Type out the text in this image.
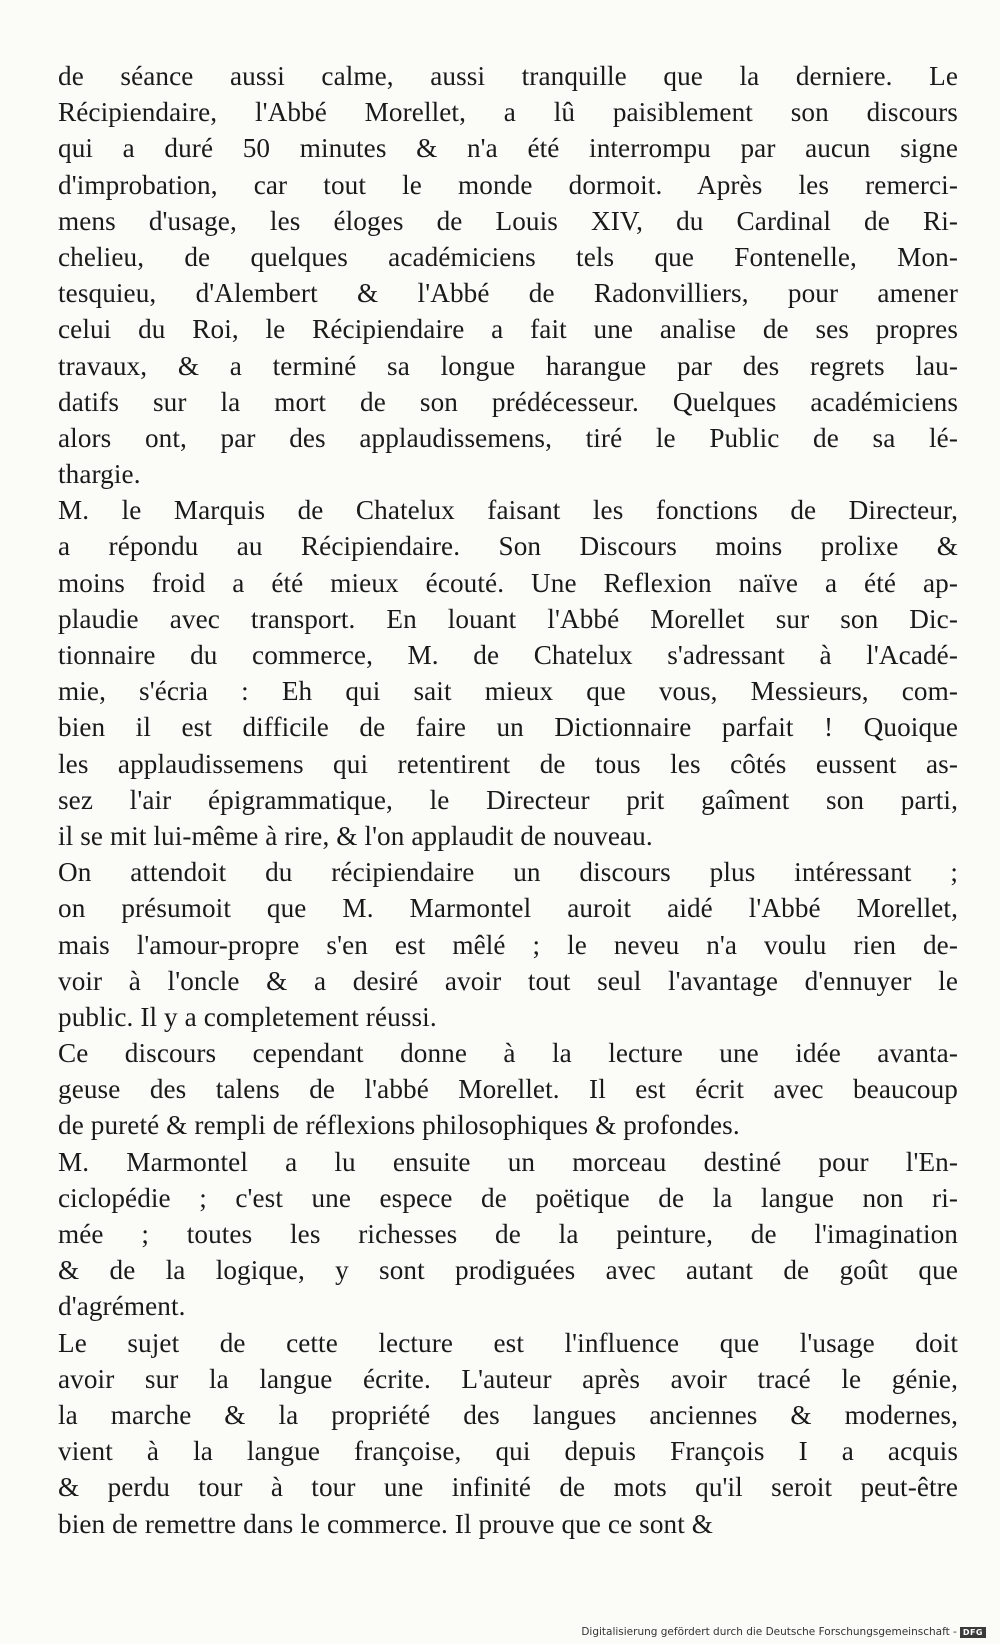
de séance aussi calme, aussi tranquille que la derniere. Le
Récipiendaire, l'Abbé Morellet, a lû paisiblement son discours
qui a duré 50 minutes & n'a été interrompu par aucun signe
d'improbation, car tout le monde dormoit. Après les remerci-
mens d'usage, les éloges de Louis XIV, du Cardinal de Ri-
chelieu, de quelques académiciens tels que Fontenelle, Mon-
tesquieu, d'Alembert & l'Abbé de Radonvilliers, pour amener
celui du Roi, le Récipiendaire a fait une analise de ses propres
travaux, & a terminé sa longue harangue par des regrets lau-
datifs sur la mort de son prédécesseur. Quelques académiciens
alors ont, par des applaudissemens, tiré le Public de sa lé-
thargie.
M. le Marquis de Chatelux faisant les fonctions de Directeur,
a répondu au Récipiendaire. Son Discours moins prolixe &
moins froid a été mieux écouté. Une Reflexion naïve a été ap-
plaudie avec transport. En louant l'Abbé Morellet sur son Dic-
tionnaire du commerce, M. de Chatelux s'adressant à l'Acadé-
mie, s'écria : Eh qui sait mieux que vous, Messieurs, com-
bien il est difficile de faire un Dictionnaire parfait ! Quoique
les applaudissemens qui retentirent de tous les côtés eussent as-
sez l'air épigrammatique, le Directeur prit gaîment son parti,
il se mit lui-même à rire, & l'on applaudit de nouveau.
On attendoit du récipiendaire un discours plus intéressant ;
on présumoit que M. Marmontel auroit aidé l'Abbé Morellet,
mais l'amour-propre s'en est mêlé ; le neveu n'a voulu rien de-
voir à l'oncle & a desiré avoir tout seul l'avantage d'ennuyer le
public. Il y a completement réussi.
Ce discours cependant donne à la lecture une idée avanta-
geuse des talens de l'abbé Morellet. Il est écrit avec beaucoup
de pureté & rempli de réflexions philosophiques & profondes.
M. Marmontel a lu ensuite un morceau destiné pour l'En-
ciclopédie ; c'est une espece de poëtique de la langue non ri-
mée ; toutes les richesses de la peinture, de l'imagination
& de la logique, y sont prodiguées avec autant de goût que
d'agrément.
Le sujet de cette lecture est l'influence que l'usage doit
avoir sur la langue écrite. L'auteur après avoir tracé le génie,
la marche & la propriété des langues anciennes & modernes,
vient à la langue françoise, qui depuis François I a acquis
& perdu tour à tour une infinité de mots qu'il seroit peut-être
bien de remettre dans le commerce. Il prouve que ce sont &
Digitalisierung gefördert durch die Deutsche Forschungsgemeinschaft - DFG
